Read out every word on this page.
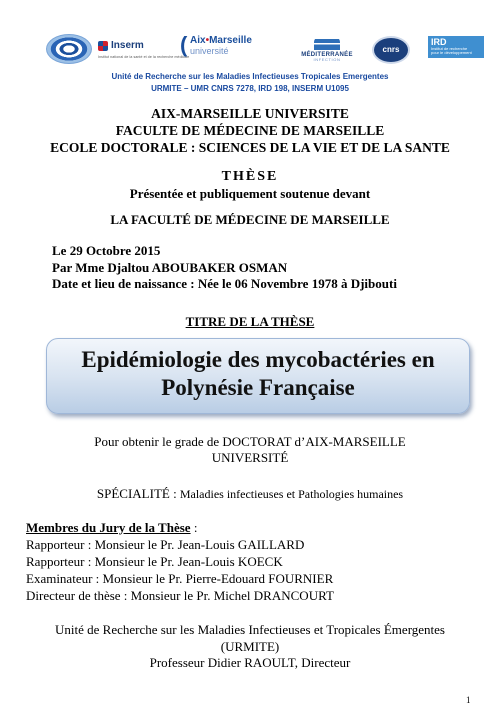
Inserm
Institut national de la santé et de la recherche médicale
( Aix•Marseille
université	MÉDITERRANÉE
INFECTION
cnrs
IRD
Institut de recherche
pour le développement
Unité de Recherche sur les Maladies Infectieuses Tropicales Emergentes
URMITE – UMR CNRS 7278, IRD 198, INSERM U1095
AIX-MARSEILLE UNIVERSITE
FACULTE DE MÉDECINE DE MARSEILLE
ECOLE DOCTORALE : SCIENCES DE LA VIE ET DE LA SANTE
THÈSE
Présentée et publiquement soutenue devant
LA FACULTÉ DE MÉDECINE DE MARSEILLE
Le 29 Octobre 2015
Par Mme Djaltou ABOUBAKER OSMAN
Date et lieu de naissance : Née le 06 Novembre 1978 à Djibouti
TITRE DE LA THÈSE
Epidémiologie des mycobactéries en
Polynésie Française
Pour obtenir le grade de DOCTORAT d’AIX-MARSEILLE
UNIVERSITÉ
SPÉCIALITÉ : Maladies infectieuses et Pathologies humaines
Membres du Jury de la Thèse :
Rapporteur : Monsieur le Pr. Jean-Louis GAILLARD
Rapporteur : Monsieur le Pr. Jean-Louis KOECK
Examinateur : Monsieur le Pr. Pierre-Edouard FOURNIER
Directeur de thèse : Monsieur le Pr. Michel DRANCOURT
Unité de Recherche sur les Maladies Infectieuses et Tropicales Émergentes
(URMITE)
Professeur Didier RAOULT, Directeur
1
